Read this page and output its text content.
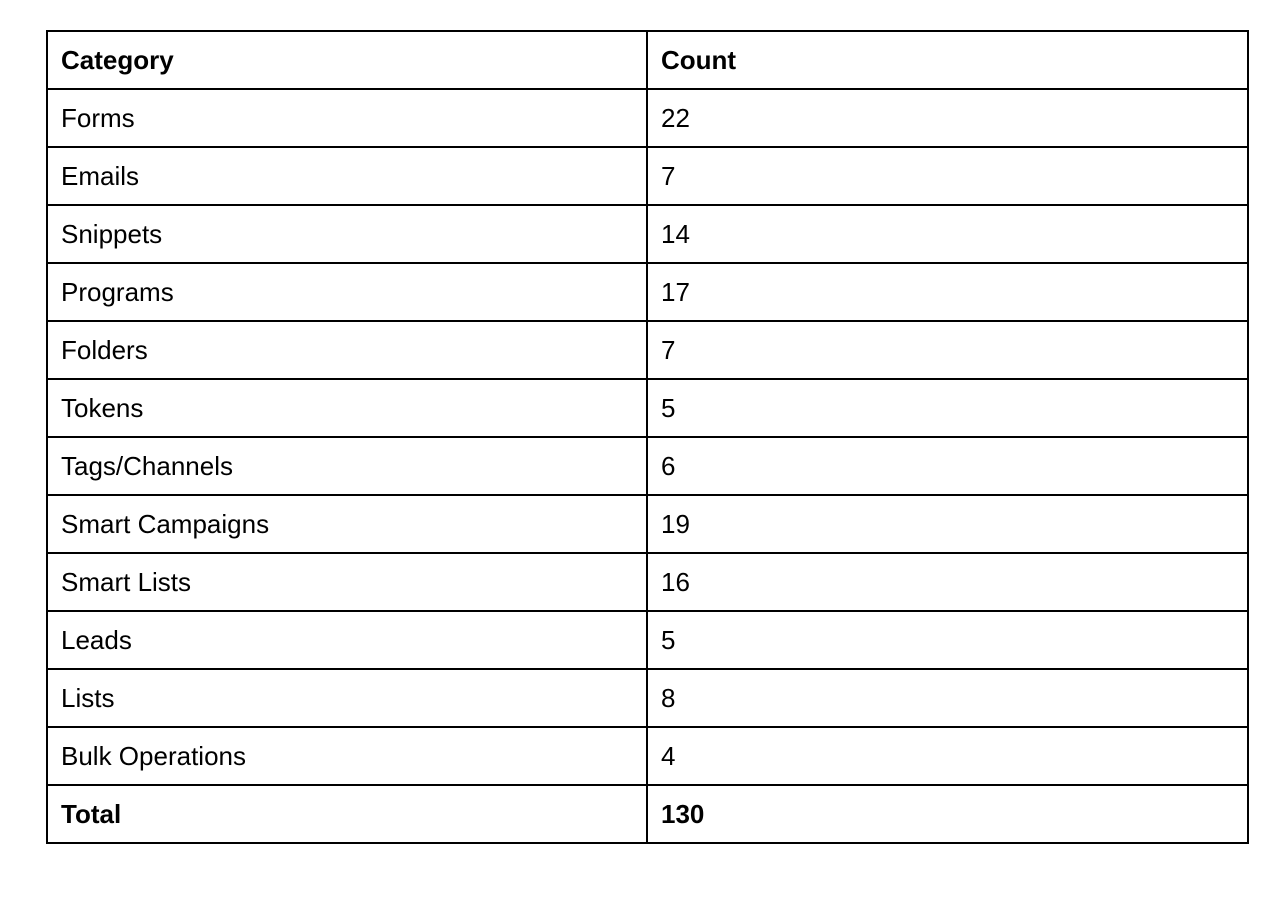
Category	Count
Forms	22
Emails	7
Snippets	14
Programs	17
Folders	7
Tokens	5
Tags/Channels	6
Smart Campaigns	19
Smart Lists	16
Leads	5
Lists	8
Bulk Operations	4
Total	130
